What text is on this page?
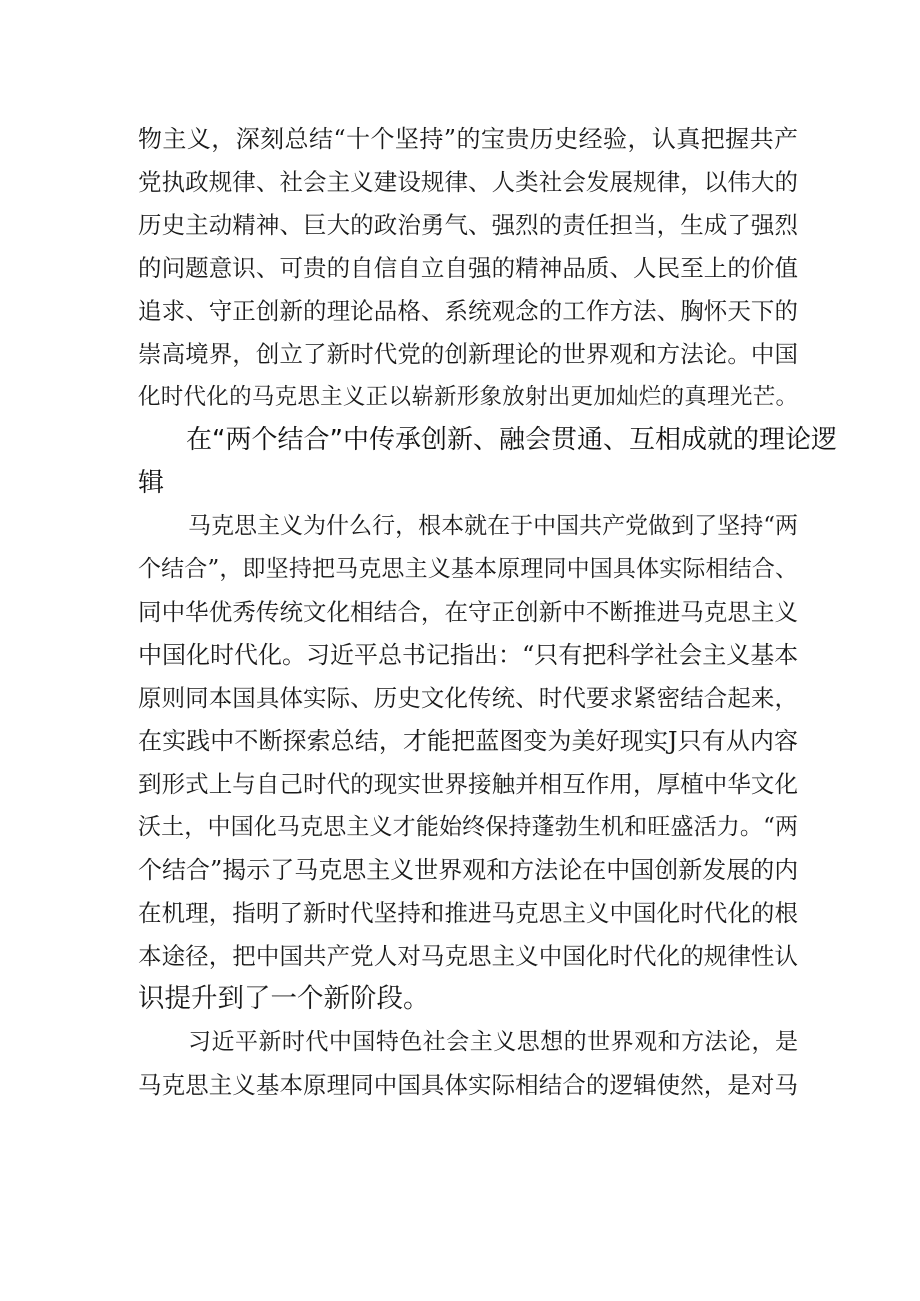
物主义，深刻总结“十个坚持”的宝贵历史经验，认真把握共产
党执政规律、社会主义建设规律、人类社会发展规律，以伟大的
历史主动精神、巨大的政治勇气、强烈的责任担当，生成了强烈
的问题意识、可贵的自信自立自强的精神品质、人民至上的价值
追求、守正创新的理论品格、系统观念的工作方法、胸怀天下的
崇高境界，创立了新时代党的创新理论的世界观和方法论。中国
化时代化的马克思主义正以崭新形象放射出更加灿烂的真理光芒。
在“两个结合”中传承创新、融会贯通、互相成就的理论逻
辑
马克思主义为什么行，根本就在于中国共产党做到了坚持“两
个结合”，即坚持把马克思主义基本原理同中国具体实际相结合、
同中华优秀传统文化相结合，在守正创新中不断推进马克思主义
中国化时代化。习近平总书记指出：“只有把科学社会主义基本
原则同本国具体实际、历史文化传统、时代要求紧密结合起来，
在实践中不断探索总结，才能把蓝图变为美好现实J只有从内容
到形式上与自己时代的现实世界接触并相互作用，厚植中华文化
沃土，中国化马克思主义才能始终保持蓬勃生机和旺盛活力。“两
个结合”揭示了马克思主义世界观和方法论在中国创新发展的内
在机理，指明了新时代坚持和推进马克思主义中国化时代化的根
本途径，把中国共产党人对马克思主义中国化时代化的规律性认
识提升到了一个新阶段。
习近平新时代中国特色社会主义思想的世界观和方法论，是
马克思主义基本原理同中国具体实际相结合的逻辑使然，是对马
